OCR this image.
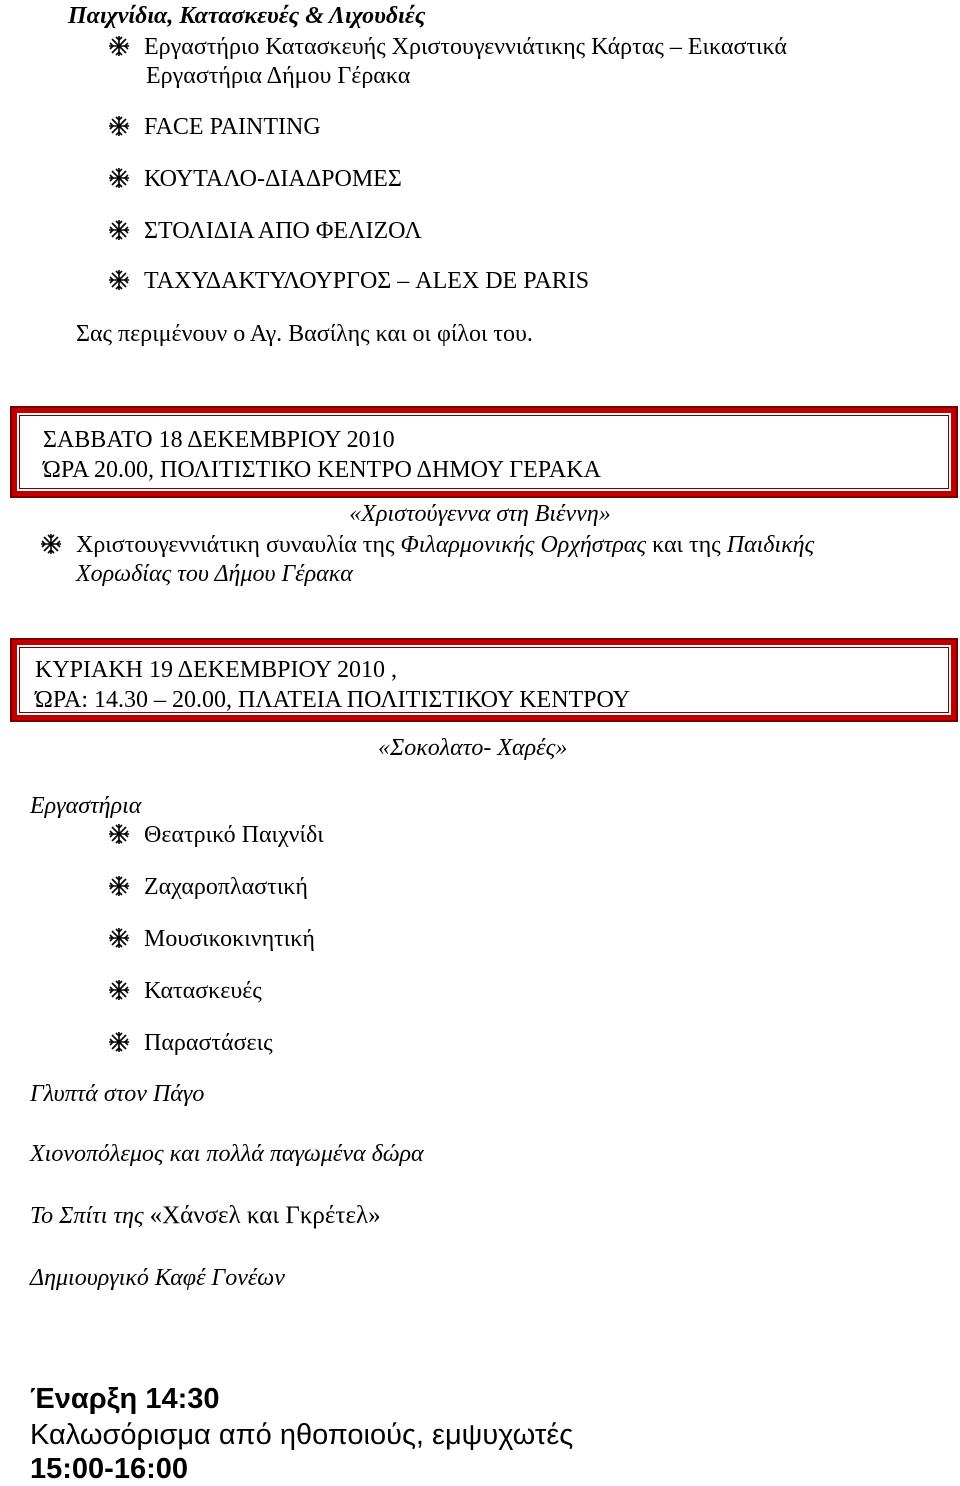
Παιχνίδια, Κατασκευές & Λιχουδιές
Εργαστήριο Κατασκευής Χριστουγεννιάτικης Κάρτας – Εικαστικά
Εργαστήρια Δήμου Γέρακα
FACE PAINTING
ΚΟΥΤΑΛΟ-ΔΙΑΔΡΟΜΕΣ
ΣΤΟΛΙΔΙΑ ΑΠΟ ΦΕΛΙΖΟΛ
ΤΑΧΥΔΑΚΤΥΛΟΥΡΓΟΣ – ALEX DE PARIS
Σας περιμένουν ο Αγ. Βασίλης και οι φίλοι του.
ΣΑΒΒΑΤΟ 18 ΔΕΚΕΜΒΡΙΟΥ 2010
ΏΡΑ 20.00, ΠΟΛΙΤΙΣΤΙΚΟ ΚΕΝΤΡΟ ΔΗΜΟΥ ΓΕΡΑΚΑ
«Χριστούγεννα στη Βιέννη»
Χριστουγεννιάτικη συναυλία της Φιλαρμονικής Ορχήστρας και της Παιδικής
Χορωδίας του Δήμου Γέρακα
ΚΥΡΙΑΚΗ 19 ΔΕΚΕΜΒΡΙΟΥ 2010 ,
ΏΡΑ: 14.30 – 20.00, ΠΛΑΤΕΙΑ ΠΟΛΙΤΙΣΤΙΚΟΥ ΚΕΝΤΡΟΥ
«Σοκολατο- Χαρές»
Εργαστήρια
Θεατρικό Παιχνίδι
Ζαχαροπλαστική
Μουσικοκινητική
Κατασκευές
Παραστάσεις
Γλυπτά στον Πάγο
Χιονοπόλεμος και πολλά παγωμένα δώρα
Το Σπίτι της «Χάνσελ και Γκρέτελ»
Δημιουργικό Καφέ Γονέων
Έναρξη 14:30
Καλωσόρισμα από ηθοποιούς, εμψυχωτές
15:00-16:00
